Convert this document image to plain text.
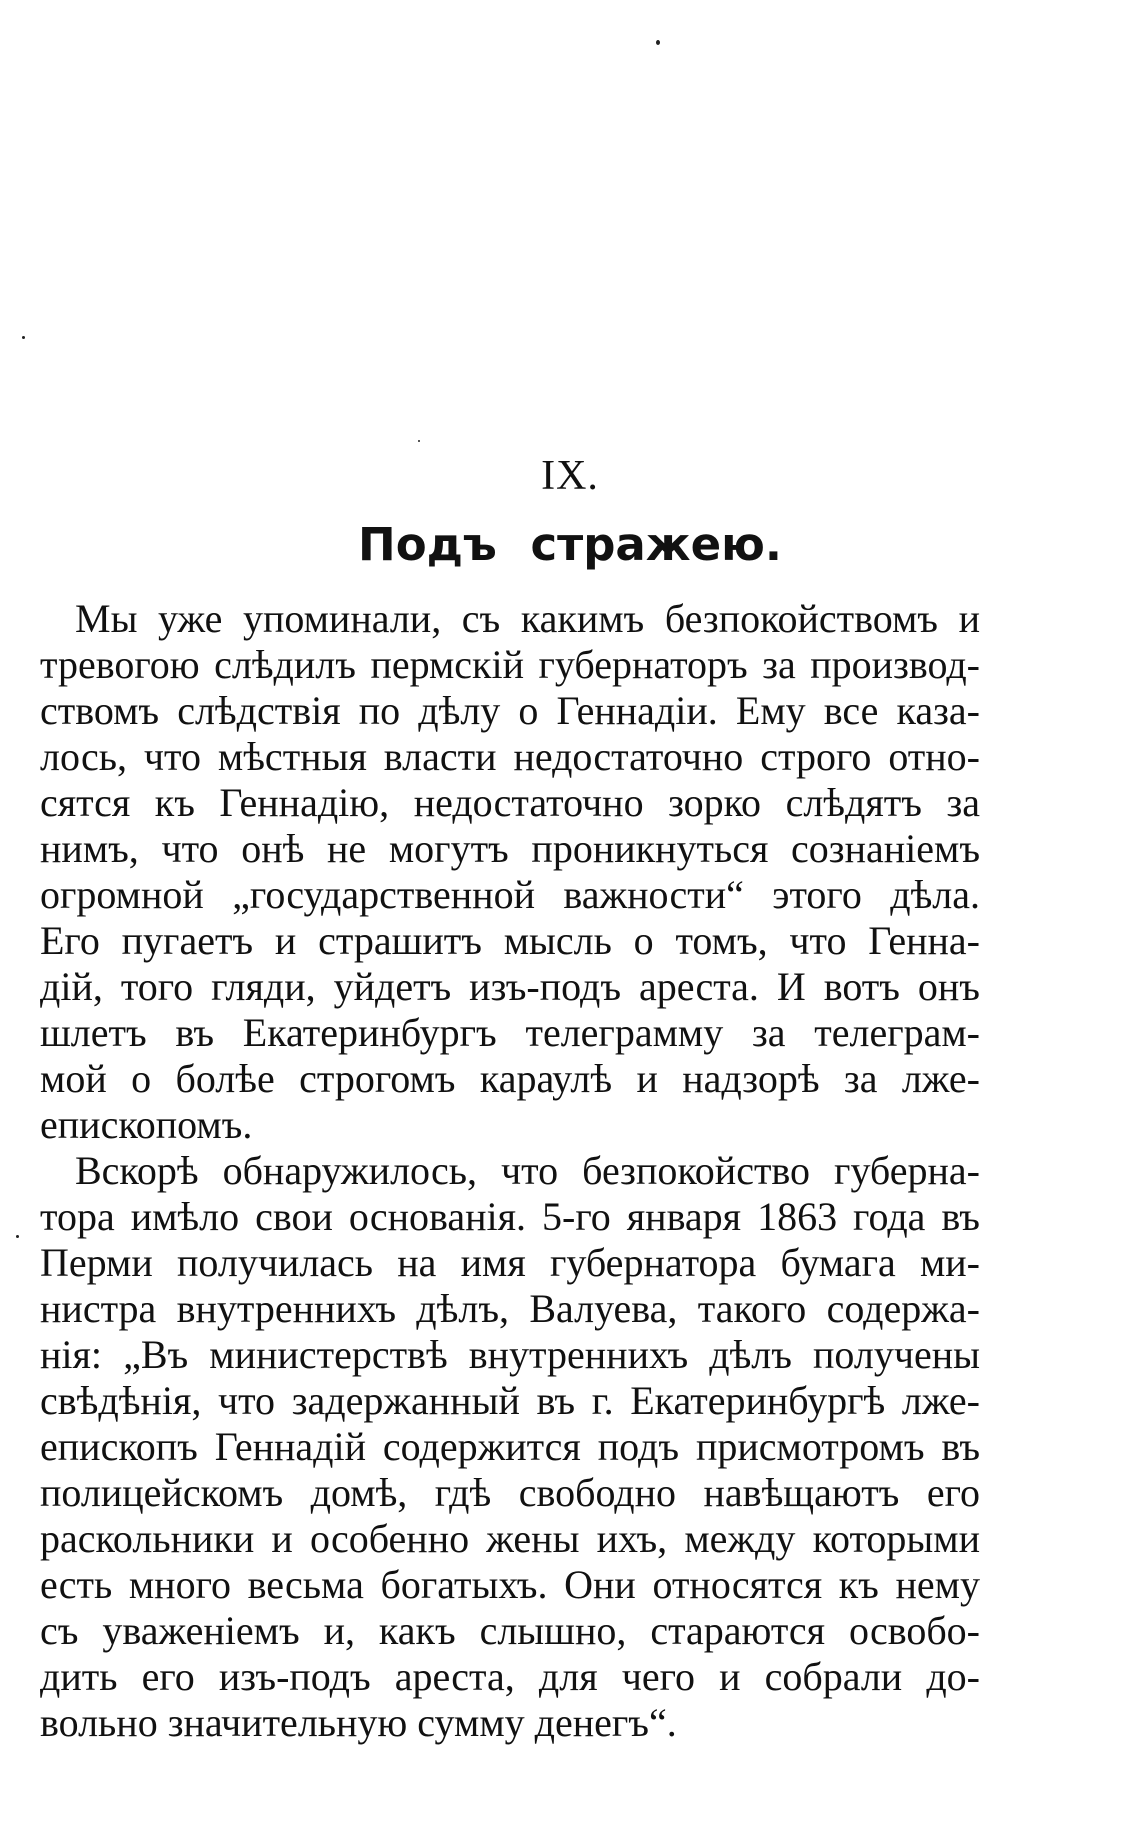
IX.
Подъ стражею.
Мы уже упоминали, съ какимъ безпокойствомъ и
тревогою слѣдилъ пермскій губернаторъ за производ-
ствомъ слѣдствія по дѣлу о Геннадіи. Ему все каза-
лось, что мѣстныя власти недостаточно строго отно-
сятся къ Геннадію, недостаточно зорко слѣдятъ за
нимъ, что онѣ не могутъ проникнуться сознаніемъ
огромной „государственной важности“ этого дѣла.
Его пугаетъ и страшитъ мысль о томъ, что Генна-
дій, того гляди, уйдетъ изъ-подъ ареста. И вотъ онъ
шлетъ въ Екатеринбургъ телеграмму за телеграм-
мой о болѣе строгомъ караулѣ и надзорѣ за лже-
епископомъ.
Вскорѣ обнаружилось, что безпокойство губерна-
тора имѣло свои основанія. 5-го января 1863 года въ
Перми получилась на имя губернатора бумага ми-
нистра внутреннихъ дѣлъ, Валуева, такого содержа-
нія: „Въ министерствѣ внутреннихъ дѣлъ получены
свѣдѣнія, что задержанный въ г. Екатеринбургѣ лже-
епископъ Геннадій содержится подъ присмотромъ въ
полицейскомъ домѣ, гдѣ свободно навѣщаютъ его
раскольники и особенно жены ихъ, между которыми
есть много весьма богатыхъ. Они относятся къ нему
съ уваженіемъ и, какъ слышно, стараются освобо-
дить его изъ-подъ ареста, для чего и собрали до-
вольно значительную сумму денегъ“.
